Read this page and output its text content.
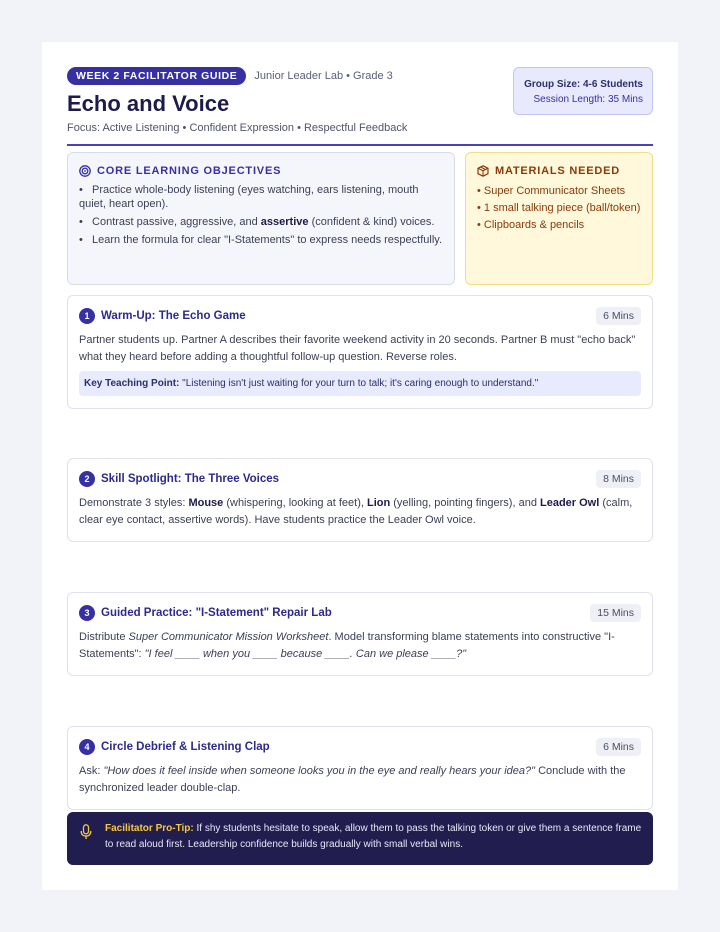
WEEK 2 FACILITATOR GUIDE	Junior Leader Lab • Grade 3
Echo and Voice
Focus: Active Listening • Confident Expression • Respectful Feedback
Group Size: 4-6 Students
Session Length: 35 Mins
CORE LEARNING OBJECTIVES
•   Practice whole-body listening (eyes watching, ears listening, mouth quiet, heart open).
•   Contrast passive, aggressive, and assertive (confident & kind) voices.
•   Learn the formula for clear "I-Statements" to express needs respectfully.
MATERIALS NEEDED
• Super Communicator Sheets
• 1 small talking piece (ball/token)
• Clipboards & pencils
1	Warm-Up: The Echo Game	6 Mins
Partner students up. Partner A describes their favorite weekend activity in 20 seconds. Partner B must "echo back" what they heard before adding a thoughtful follow-up question. Reverse roles.
Key Teaching Point: "Listening isn't just waiting for your turn to talk; it's caring enough to understand."
2	Skill Spotlight: The Three Voices	8 Mins
Demonstrate 3 styles: Mouse (whispering, looking at feet), Lion (yelling, pointing fingers), and Leader Owl (calm, clear eye contact, assertive words). Have students practice the Leader Owl voice.
3	Guided Practice: "I-Statement" Repair Lab	15 Mins
Distribute Super Communicator Mission Worksheet. Model transforming blame statements into constructive "I-Statements": "I feel ____ when you ____ because ____. Can we please ____?"
4	Circle Debrief & Listening Clap	6 Mins
Ask: "How does it feel inside when someone looks you in the eye and really hears your idea?" Conclude with the synchronized leader double-clap.
Facilitator Pro-Tip: If shy students hesitate to speak, allow them to pass the talking token or give them a sentence frame to read aloud first. Leadership confidence builds gradually with small verbal wins.
